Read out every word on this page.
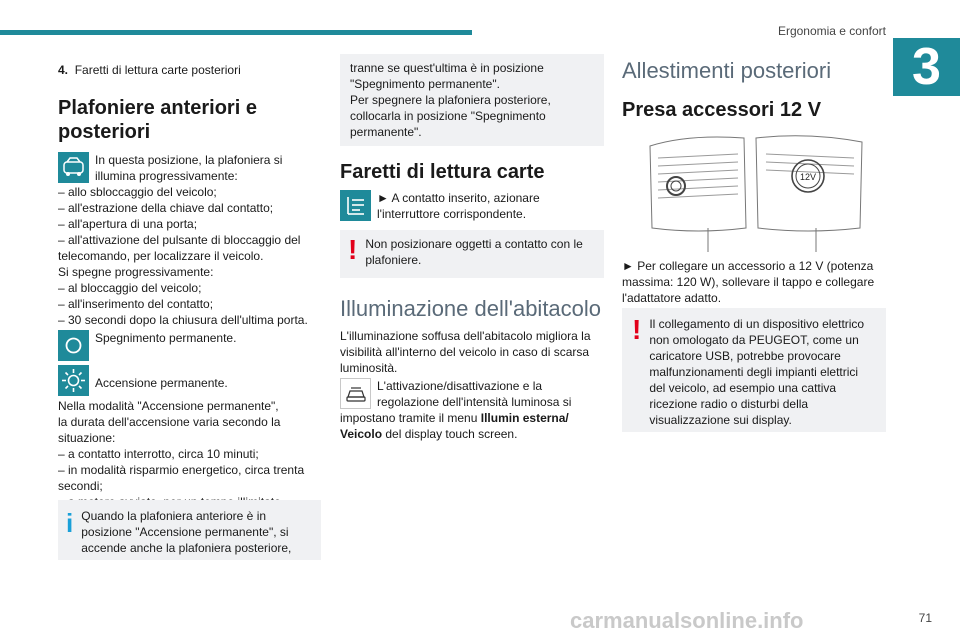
Ergonomia e confort
3

4. Faretti di lettura carte posteriori

Plafoniere anteriori e posteriori

In questa posizione, la plafoniera si illumina progressivamente:

– allo sbloccaggio del veicolo;

– all'estrazione della chiave dal contatto;

– all'apertura di una porta;

– all'attivazione del pulsante di bloccaggio del telecomando, per localizzare il veicolo.

Si spegne progressivamente:

– al bloccaggio del veicolo;

– all'inserimento del contatto;

– 30 secondi dopo la chiusura dell'ultima porta.

Spegnimento permanente.

Accensione permanente.

Nella modalità "Accensione permanente",

la durata dell'accensione varia secondo la situazione:

– a contatto interrotto, circa 10 minuti;

– in modalità risparmio energetico, circa trenta secondi;

i Quando la plafoniera anteriore è in posizione "Accensione permanente", si accende anche la plafoniera posteriore,

tranne se quest'ultima è in posizione "Spegnimento permanente".
Per spegnere la plafoniera posteriore, collocarla in posizione "Spegnimento permanente".
Faretti di lettura carte

► A contatto inserito, azionare l'interruttore corrispondente.

! Non posizionare oggetti a contatto con le plafoniere.

Illuminazione dell'abitacolo

L'illuminazione soffusa dell'abitacolo migliora la visibilità all'interno del veicolo in caso di scarsa luminosità.

L'attivazione/disattivazione e la regolazione dell'intensità luminosa si

impostano tramite il menu Illumin esterna/ Veicolo del display touch screen.

Allestimenti posteriori
Presa accessori 12 V
12V
► Per collegare un accessorio a 12 V (potenza massima: 120 W), sollevare il tappo e collegare l'adattatore adatto.
! Il collegamento di un dispositivo elettrico non omologato da PEUGEOT, come un caricatore USB, potrebbe provocare malfunzionamenti degli impianti elettrici del veicolo, ad esempio una cattiva ricezione radio o disturbi della visualizzazione sui display.

carmanualsonline.info	71
